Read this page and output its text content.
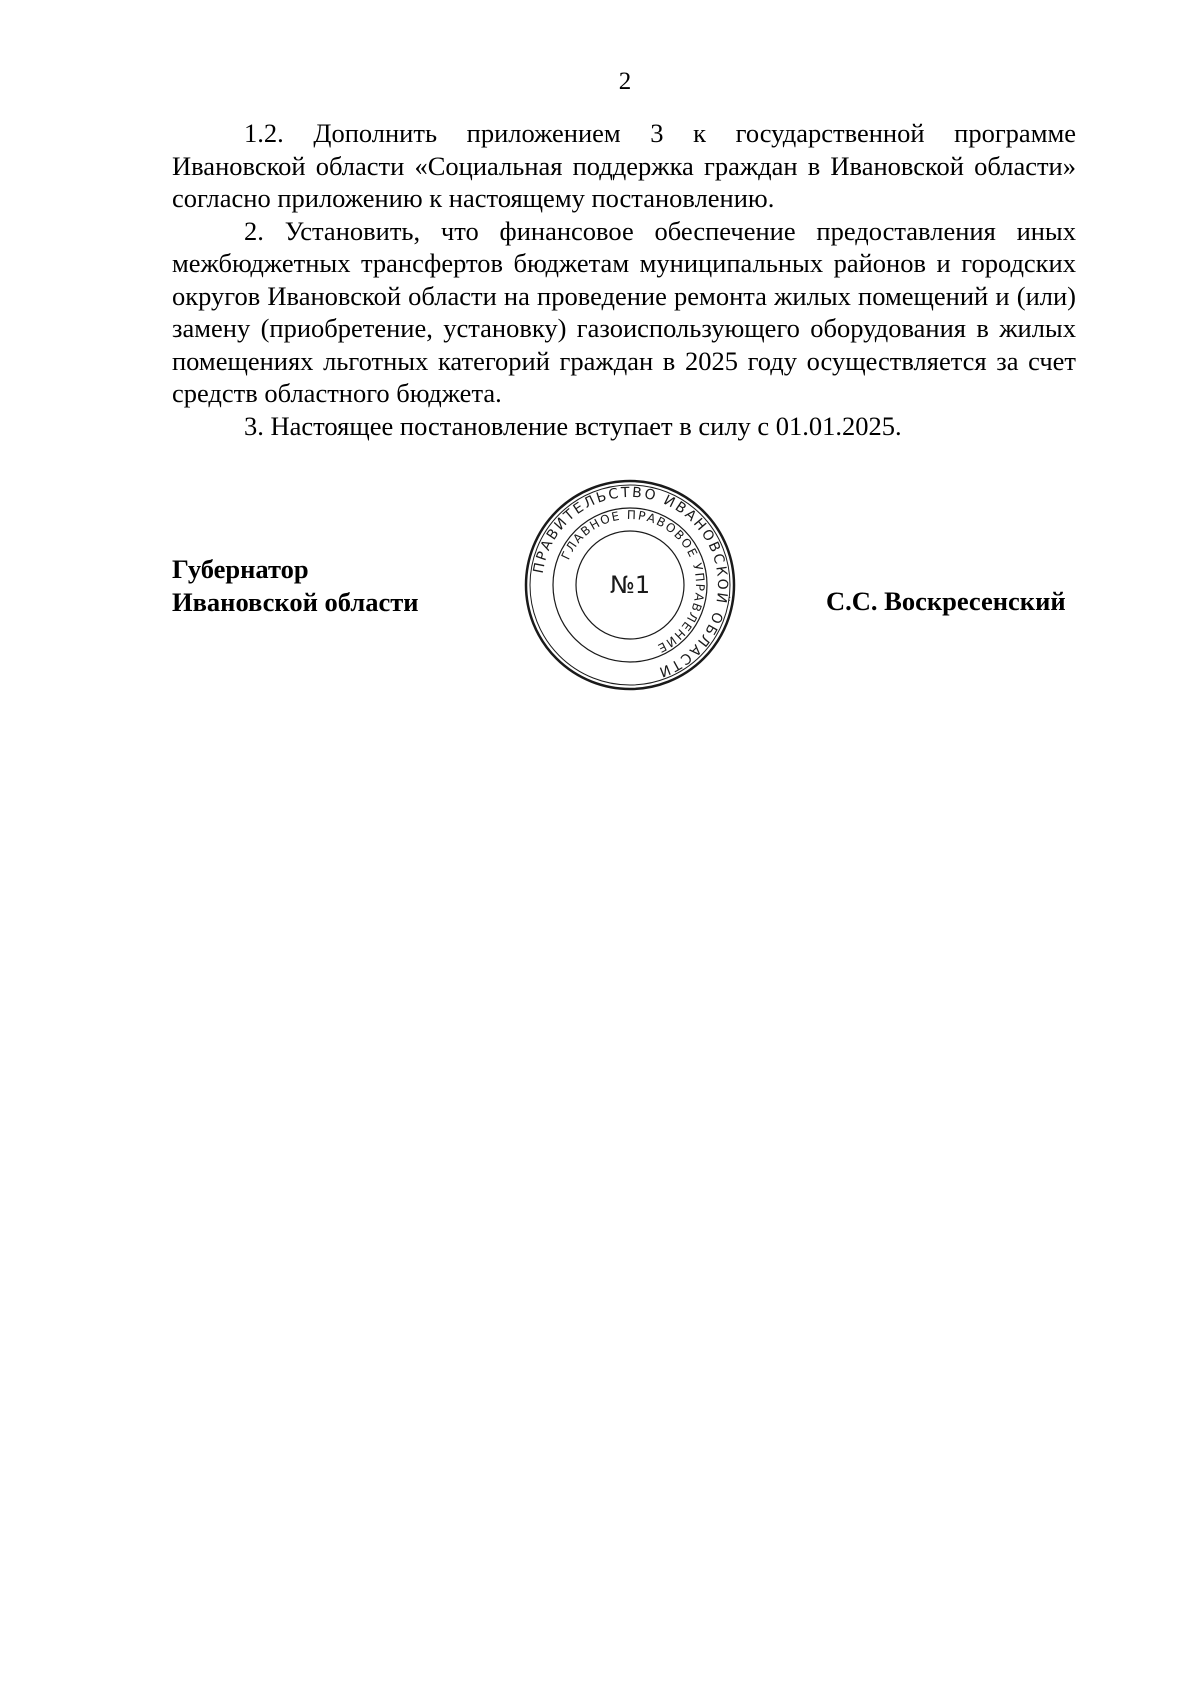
2

1.2. Дополнить приложением 3 к государственной программе Ивановской области «Социальная поддержка граждан в Ивановской области» согласно приложению к настоящему постановлению.

2. Установить, что финансовое обеспечение предоставления иных межбюджетных трансфертов бюджетам муниципальных районов и городских округов Ивановской области на проведение ремонта жилых помещений и (или) замену (приобретение, установку) газоиспользующего оборудования в жилых помещениях льготных категорий граждан в 2025 году осуществляется за счет средств областного бюджета.

3. Настоящее постановление вступает в силу с 01.01.2025.

Губернатор
Ивановской области	С.С. Воскресенский
ПРАВИТЕЛЬСТВО ИВАНОВСКОЙ ОБЛАСТИ
ГЛАВНОЕ ПРАВОВОЕ УПРАВЛЕНИЕ
№1
